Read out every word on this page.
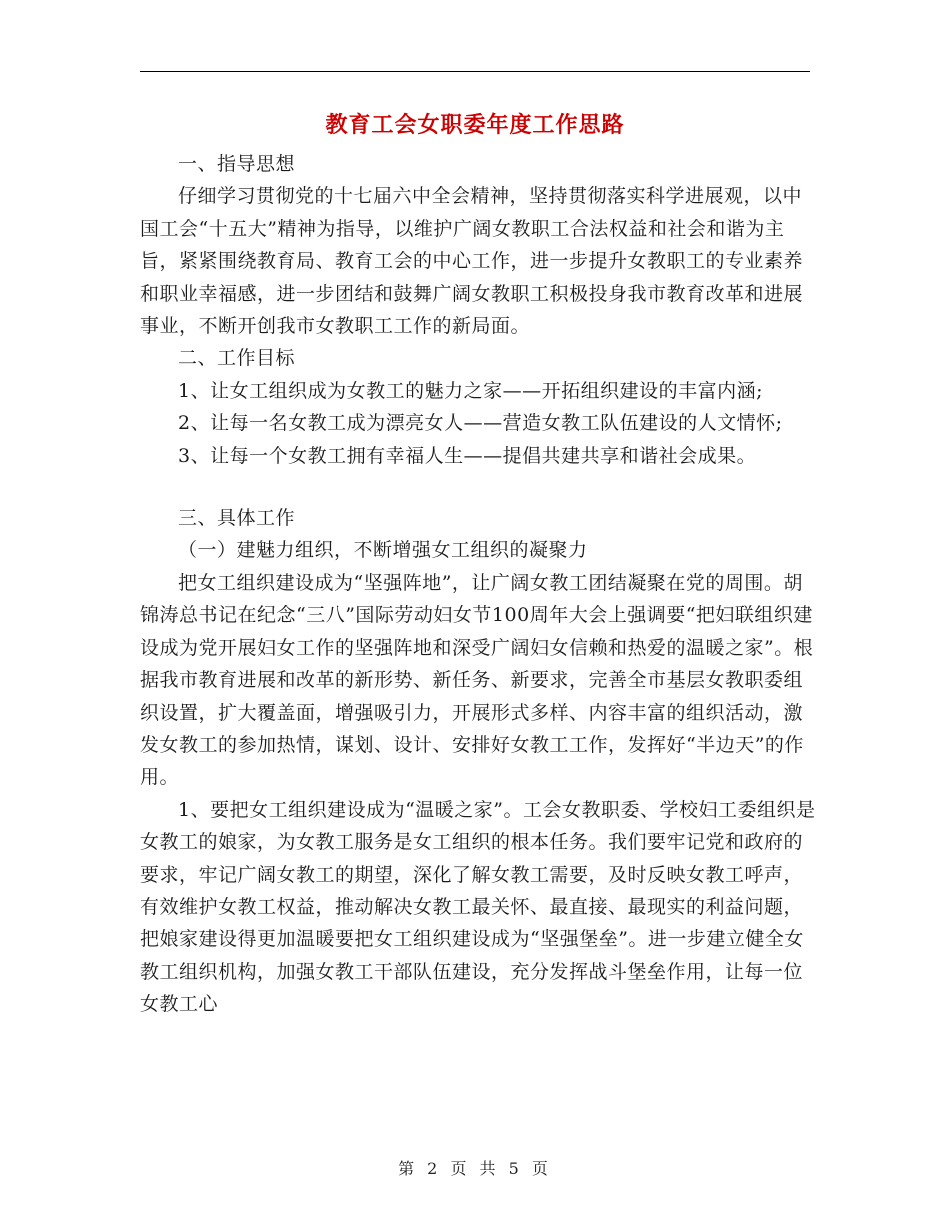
教育工会女职委年度工作思路

一、指导思想

仔细学习贯彻党的十七届六中全会精神，坚持贯彻落实科学进展观，以中国工会“十五大”精神为指导，以维护广阔女教职工合法权益和社会和谐为主旨，紧紧围绕教育局、教育工会的中心工作，进一步提升女教职工的专业素养和职业幸福感，进一步团结和鼓舞广阔女教职工积极投身我市教育改革和进展事业，不断开创我市女教职工工作的新局面。

二、工作目标

1、让女工组织成为女教工的魅力之家——开拓组织建设的丰富内涵;

2、让每一名女教工成为漂亮女人——营造女教工队伍建设的人文情怀;

3、让每一个女教工拥有幸福人生——提倡共建共享和谐社会成果。

三、具体工作

（一）建魅力组织，不断增强女工组织的凝聚力

把女工组织建设成为“坚强阵地”，让广阔女教工团结凝聚在党的周围。胡锦涛总书记在纪念“三八”国际劳动妇女节100周年大会上强调要“把妇联组织建设成为党开展妇女工作的坚强阵地和深受广阔妇女信赖和热爱的温暖之家”。根据我市教育进展和改革的新形势、新任务、新要求，完善全市基层女教职委组织设置，扩大覆盖面，增强吸引力，开展形式多样、内容丰富的组织活动，激发女教工的参加热情，谋划、设计、安排好女教工工作，发挥好“半边天”的作用。

1、要把女工组织建设成为“温暖之家”。工会女教职委、学校妇工委组织是女教工的娘家，为女教工服务是女工组织的根本任务。我们要牢记党和政府的要求，牢记广阔女教工的期望，深化了解女教工需要，及时反映女教工呼声，有效维护女教工权益，推动解决女教工最关怀、最直接、最现实的利益问题，把娘家建设得更加温暖要把女工组织建设成为“坚强堡垒”。进一步建立健全女教工组织机构，加强女教工干部队伍建设，充分发挥战斗堡垒作用，让每一位女教工心

第 2 页 共 5 页
